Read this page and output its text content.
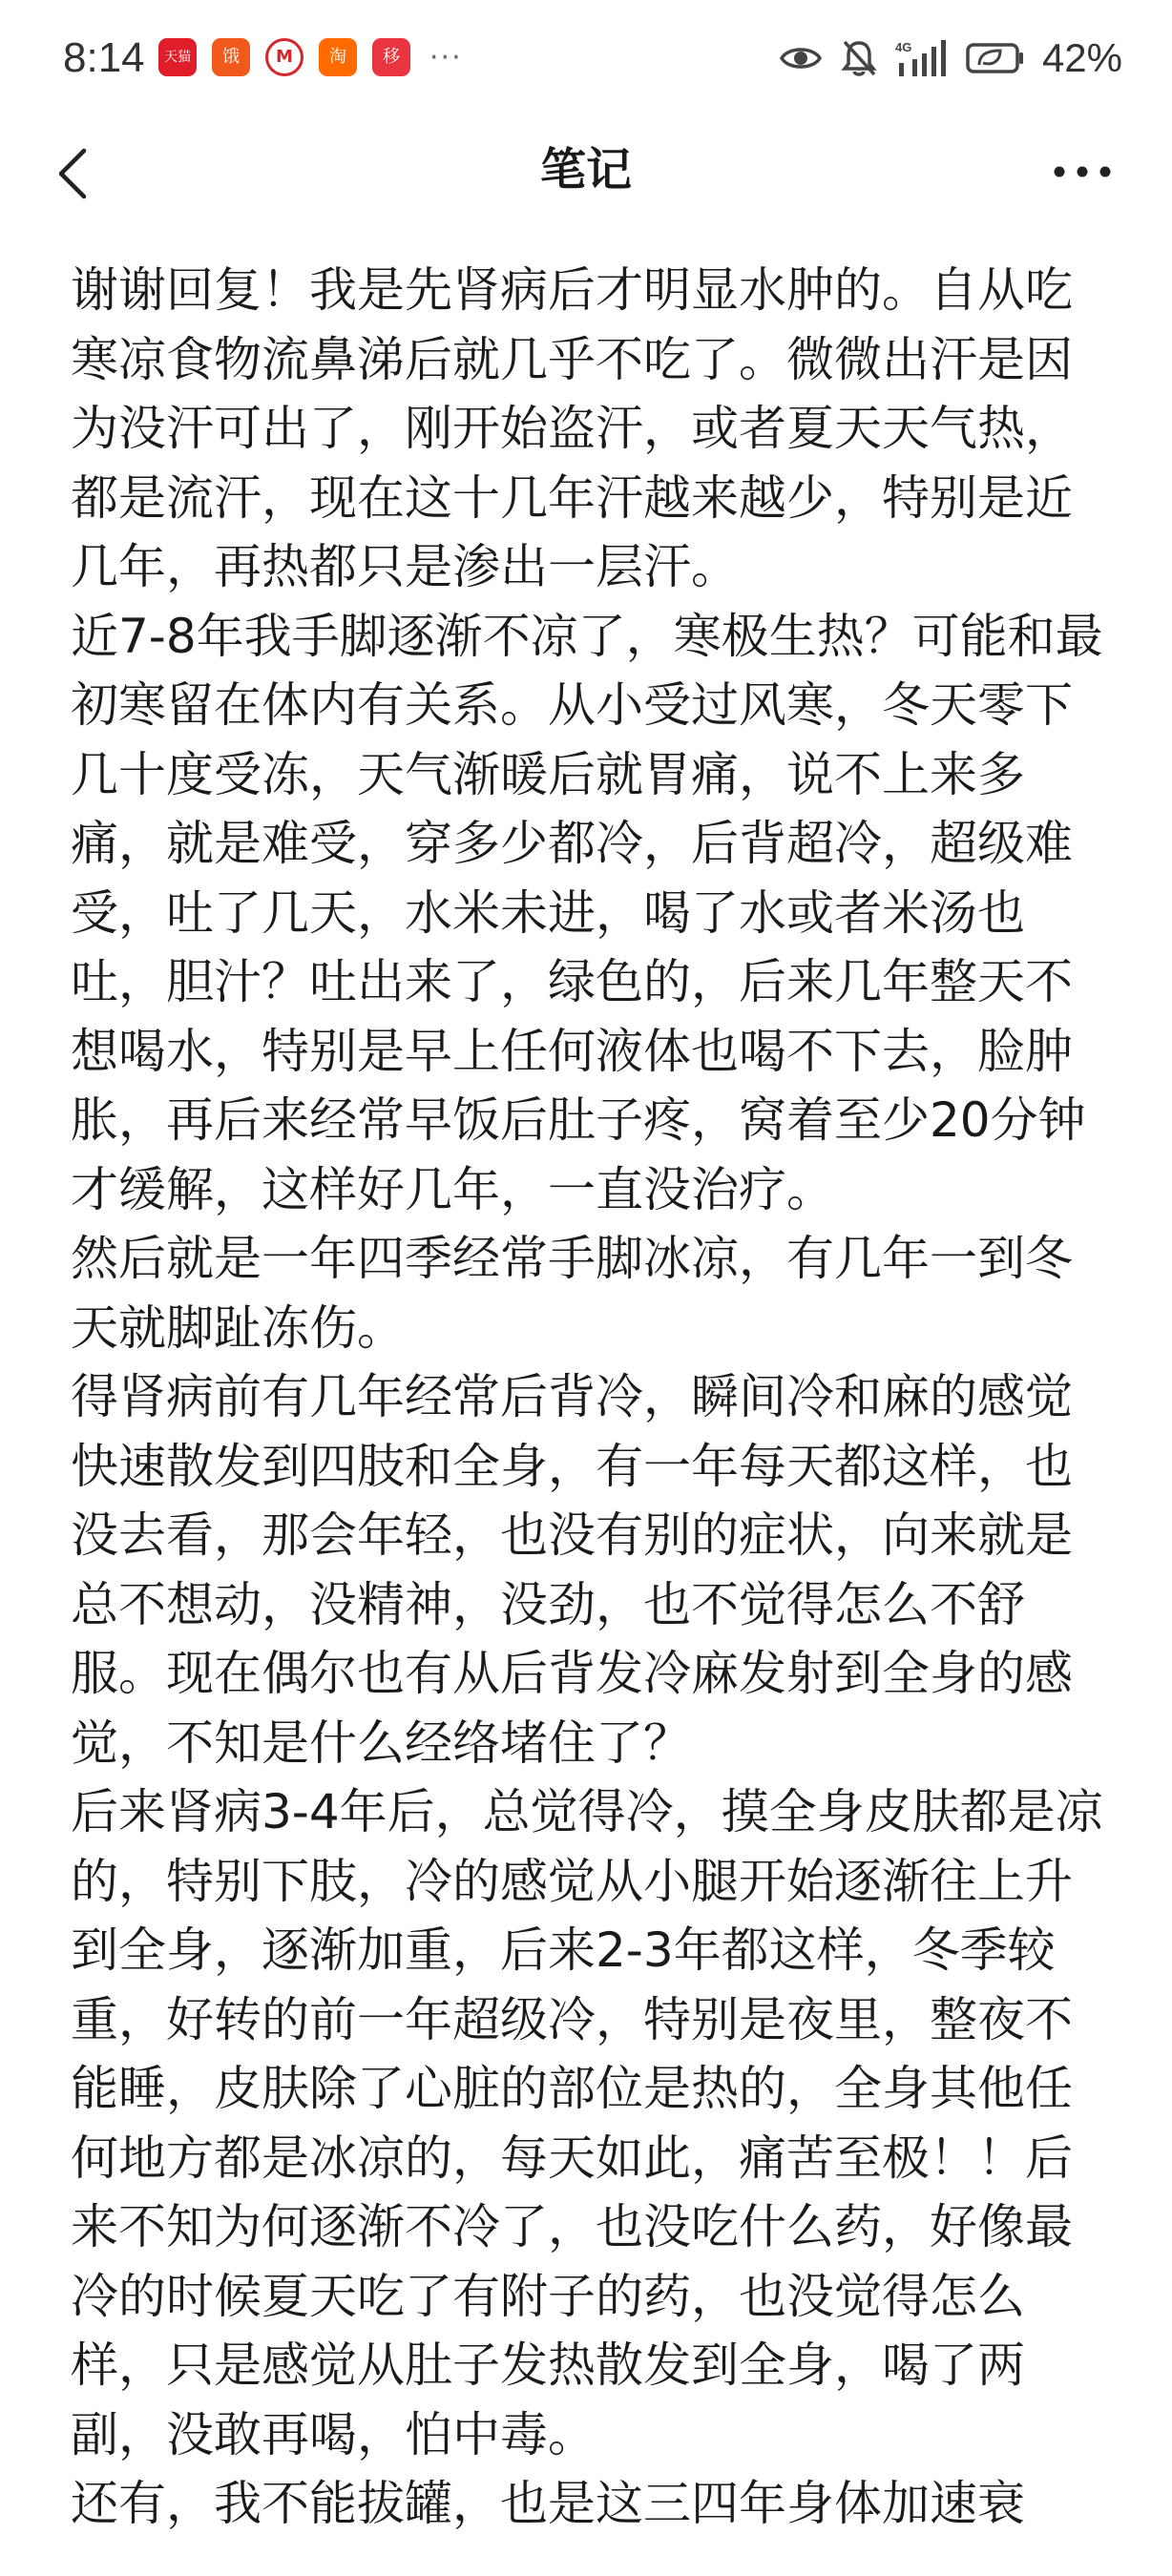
8:14	天猫	饿	M	淘	移	···	4G	42%
笔记

谢谢回复！我是先肾病后才明显水肿的。自从吃寒凉食物流鼻涕后就几乎不吃了。微微出汗是因为没汗可出了，刚开始盗汗，或者夏天天气热，都是流汗，现在这十几年汗越来越少，特别是近几年，再热都只是渗出一层汗。

近7-8年我手脚逐渐不凉了，寒极生热？可能和最初寒留在体内有关系。从小受过风寒，冬天零下几十度受冻，天气渐暖后就胃痛，说不上来多痛，就是难受，穿多少都冷，后背超冷，超级难受，吐了几天，水米未进，喝了水或者米汤也吐，胆汁？吐出来了，绿色的，后来几年整天不想喝水，特别是早上任何液体也喝不下去，脸肿胀，再后来经常早饭后肚子疼，窝着至少20分钟才缓解，这样好几年，一直没治疗。

然后就是一年四季经常手脚冰凉，有几年一到冬天就脚趾冻伤。

得肾病前有几年经常后背冷，瞬间冷和麻的感觉快速散发到四肢和全身，有一年每天都这样，也没去看，那会年轻，也没有别的症状，向来就是总不想动，没精神，没劲，也不觉得怎么不舒服。现在偶尔也有从后背发冷麻发射到全身的感觉，不知是什么经络堵住了？

后来肾病3-4年后，总觉得冷，摸全身皮肤都是凉的，特别下肢，冷的感觉从小腿开始逐渐往上升到全身，逐渐加重，后来2-3年都这样，冬季较重，好转的前一年超级冷，特别是夜里，整夜不能睡，皮肤除了心脏的部位是热的，全身其他任何地方都是冰凉的，每天如此，痛苦至极！！后来不知为何逐渐不冷了，也没吃什么药，好像最冷的时候夏天吃了有附子的药，也没觉得怎么样，只是感觉从肚子发热散发到全身，喝了两副，没敢再喝，怕中毒。

还有，我不能拔罐，也是这三四年身体加速衰
